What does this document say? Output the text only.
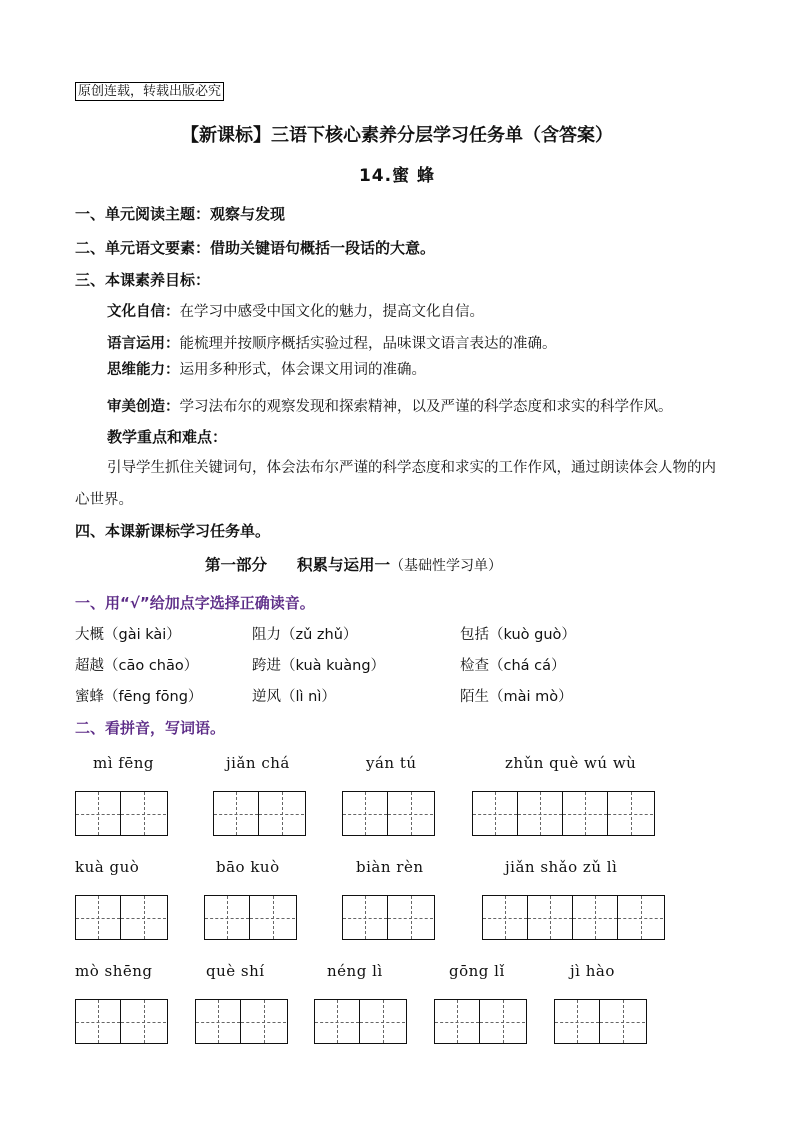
原创连载，转载出版必究
【新课标】三语下核心素养分层学习任务单（含答案）
14.蜜 蜂
一、单元阅读主题：观察与发现
二、单元语文要素：借助关键语句概括一段话的大意。
三、本课素养目标：
文化自信：在学习中感受中国文化的魅力，提高文化自信。
语言运用：能梳理并按顺序概括实验过程，品味课文语言表达的准确。
思维能力：运用多种形式，体会课文用词的准确。
审美创造：学习法布尔的观察发现和探索精神，以及严谨的科学态度和求实的科学作风。
教学重点和难点：
引导学生抓住关键词句，体会法布尔严谨的科学态度和求实的工作作风，通过朗读体会人物的内心世界。
四、本课新课标学习任务单。
第一部分 积累与运用一（基础性学习单）
一、用“√”给加点字选择正确读音。
大概（gài kài）	阻力（zǔ zhǔ）	包括（kuò guò）
超越（cāo chāo）	跨进（kuà kuàng）	检查（chá cá）
蜜蜂（fēng fōng）	逆风（lì nì）	陌生（mài mò）
二、看拼音，写词语。
mì fēng	jiǎn chá	yán tú	zhǔn què wú wù
kuà guò	bāo kuò	biàn rèn	jiǎn shǎo zǔ lì
mò shēng	què shí	néng lì	gōng lǐ	jì hào
